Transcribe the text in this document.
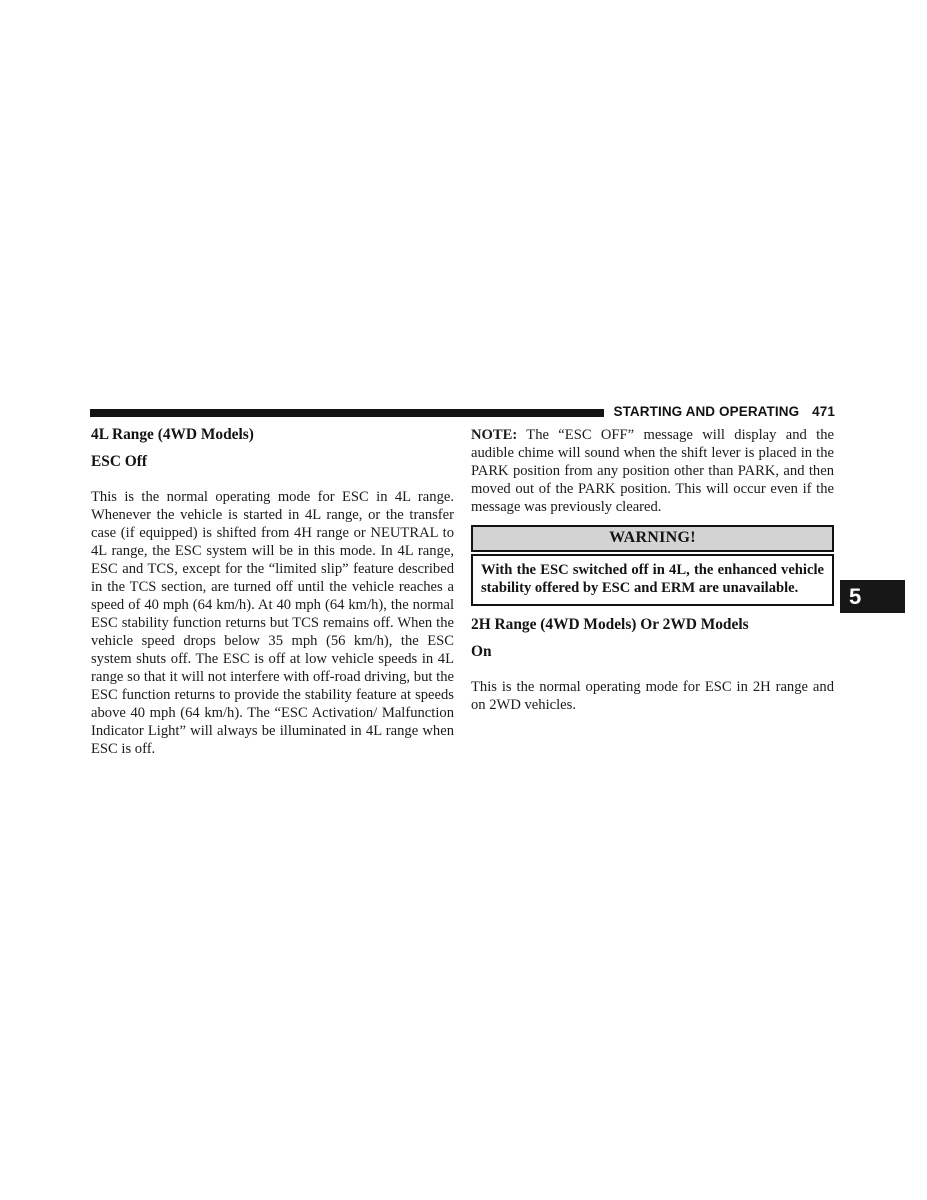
STARTING AND OPERATING 471
4L Range (4WD Models)
ESC Off

This is the normal operating mode for ESC in 4L range. Whenever the vehicle is started in 4L range, or the transfer case (if equipped) is shifted from 4H range or NEUTRAL to 4L range, the ESC system will be in this mode. In 4L range, ESC and TCS, except for the “limited slip” feature described in the TCS section, are turned off until the vehicle reaches a speed of 40 mph (64 km/h). At 40 mph (64 km/h), the normal ESC stability function returns but TCS remains off. When the vehicle speed drops below 35 mph (56 km/h), the ESC system shuts off. The ESC is off at low vehicle speeds in 4L range so that it will not interfere with off-road driving, but the ESC function returns to provide the stability feature at speeds above 40 mph (64 km/h). The “ESC Activation/ Malfunction Indicator Light” will always be illuminated in 4L range when ESC is off.

NOTE: The “ESC OFF” message will display and the audible chime will sound when the shift lever is placed in the PARK position from any position other than PARK, and then moved out of the PARK position. This will occur even if the message was previously cleared.

WARNING!
With the ESC switched off in 4L, the enhanced vehicle stability offered by ESC and ERM are unavailable.
2H Range (4WD Models) Or 2WD Models
On

This is the normal operating mode for ESC in 2H range and on 2WD vehicles.

5
